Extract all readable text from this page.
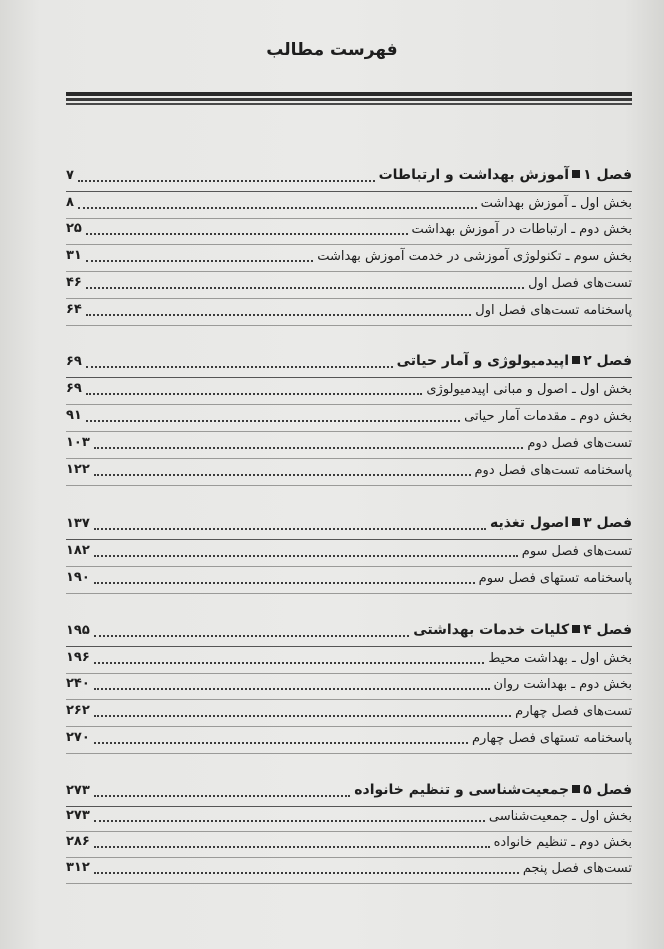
فهرست مطالب
۷	فصل ۱آموزش بهداشت و ارتباطات
۸	بخش اول ـ آموزش بهداشت
۲۵	بخش دوم ـ ارتباطات در آموزش بهداشت
۳۱	بخش سوم ـ تکنولوژی آموزشی در خدمت آموزش بهداشت
۴۶	تست‌های فصل اول
۶۴	پاسخنامه تست‌های فصل اول
۶۹	فصل ۲اپیدمیولوژی و آمار حیاتی
۶۹	بخش اول ـ اصول و مبانی اپیدمیولوژی
۹۱	بخش دوم ـ مقدمات آمار حیاتی
۱۰۳	تست‌های فصل دوم
۱۲۲	پاسخنامه تست‌های فصل دوم
۱۳۷	فصل ۳اصول تغذیه
۱۸۲	تست‌های فصل سوم
۱۹۰	پاسخنامه تستهای فصل سوم
۱۹۵	فصل ۴کلیات خدمات بهداشتی
۱۹۶	بخش اول ـ بهداشت محیط
۲۴۰	بخش دوم ـ بهداشت روان
۲۶۲	تست‌های فصل چهارم
۲۷۰	پاسخنامه تستهای فصل چهارم
۲۷۳	فصل ۵جمعیت‌شناسی و تنظیم خانواده
۲۷۳	بخش اول ـ جمعیت‌شناسی
۲۸۶	بخش دوم ـ تنظیم خانواده
۳۱۲	تست‌های فصل پنجم
